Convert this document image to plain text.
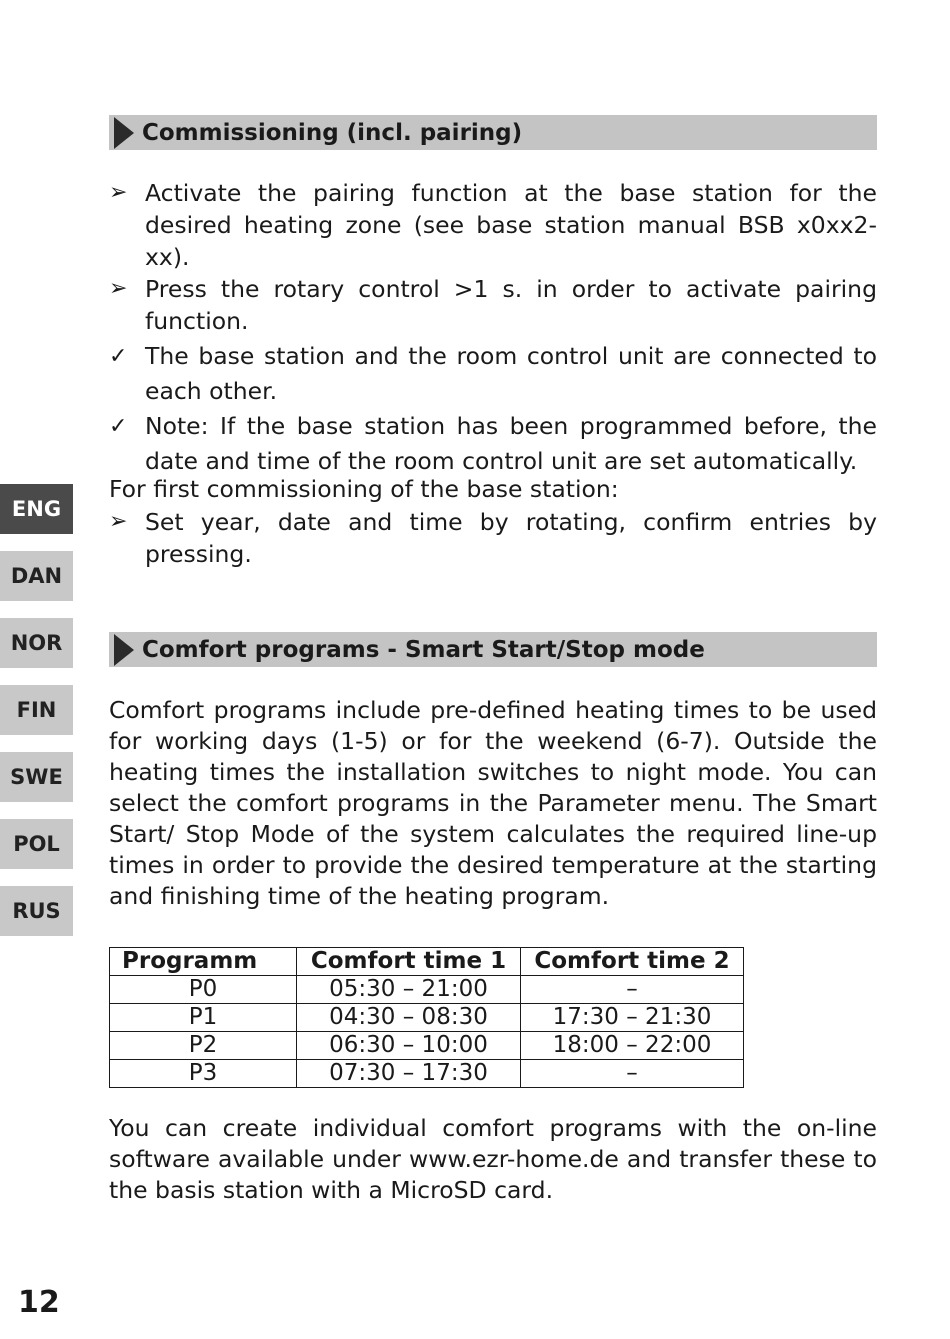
Commissioning (incl. pairing)
➢ Activate the pairing function at the base station for the desired heating zone (see base station manual BSB x0xx2-xx).
➢ Press the rotary control >1 s. in order to activate pairing function.
✓ The base station and the room control unit are connected to each other.
✓ Note: If the base station has been programmed before, the date and time of the room control unit are set automatically.

For first commissioning of the base station:

➢ Set year, date and time by rotating, confirm entries by pressing.
Comfort programs - Smart Start/Stop mode

Comfort programs include pre-defined heating times to be used for working days (1-5) or for the weekend (6-7). Outside the heating times the installation switches to night mode. You can select the comfort programs in the Parameter menu. The Smart Start/ Stop Mode of the system calculates the required line-up times in order to provide the desired temperature at the starting and finishing time of the heating program.

Programm	Comfort time 1	Comfort time 2
P0	05:30 – 21:00	–
P1	04:30 – 08:30	17:30 – 21:30
P2	06:30 – 10:00	18:00 – 22:00
P3	07:30 – 17:30	–

You can create individual comfort programs with the on-line software available under www.ezr-home.de and transfer these to the basis station with a MicroSD card.

ENG
DAN
NOR
FIN
SWE
POL
RUS
12
